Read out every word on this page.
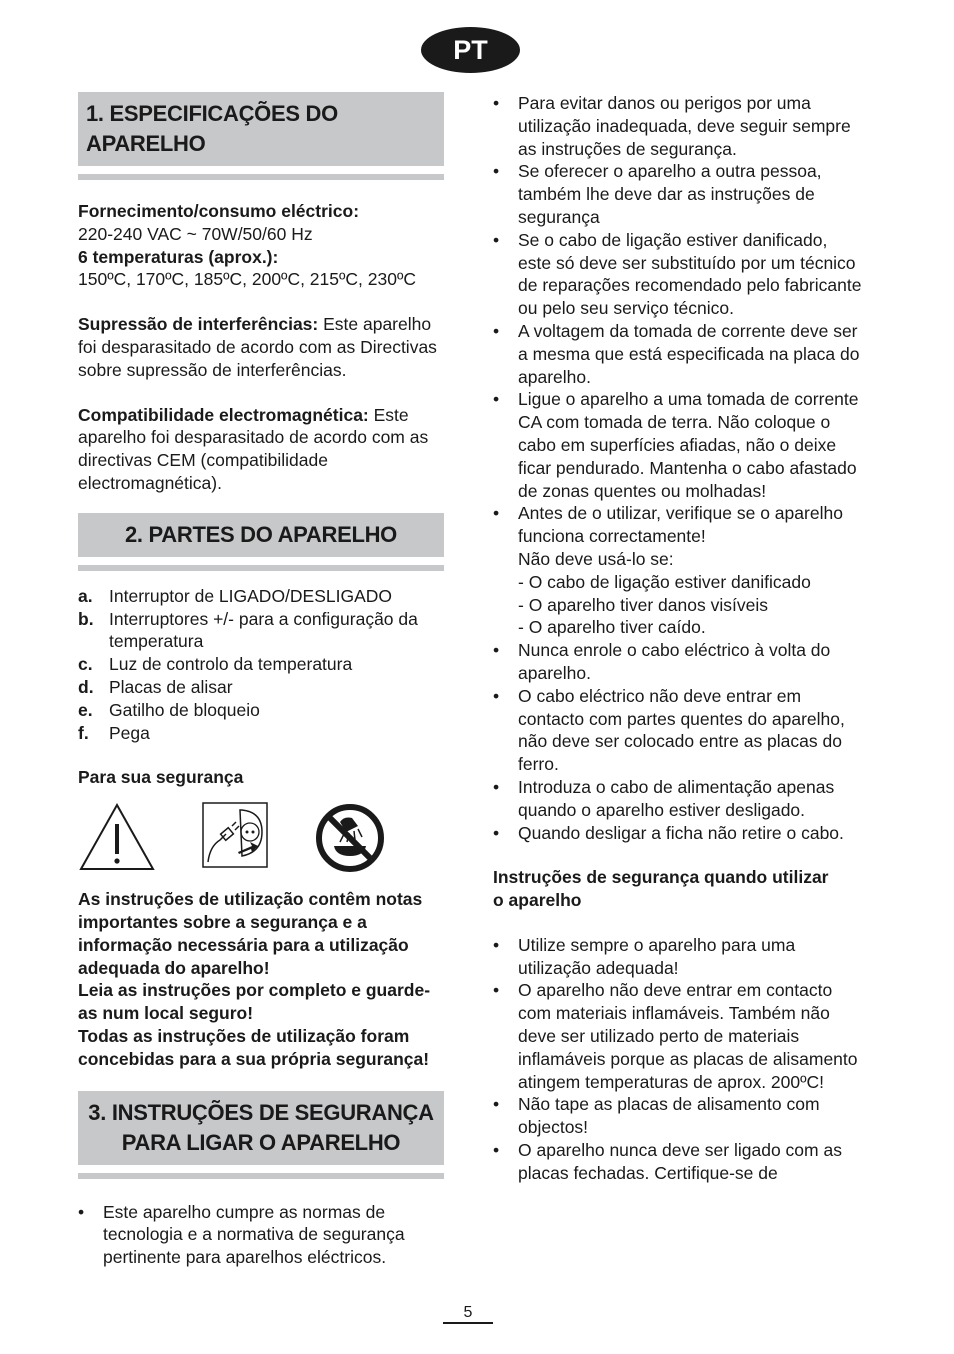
PT
1. ESPECIFICAÇÕES DO APARELHO

Fornecimento/consumo eléctrico:

220-240 VAC ~ 70W/50/60 Hz

6 temperaturas (aprox.):

150ºC, 170ºC, 185ºC, 200ºC, 215ºC, 230ºC

Supressão de interferências: Este aparelho foi desparasitado de acordo com as Directivas sobre supressão de interferências.

Compatibilidade electromagnética: Este aparelho foi desparasitado de acordo com as directivas CEM (compatibilidade electromagnética).

2. PARTES DO APARELHO
a. Interruptor de LIGADO/DESLIGADO
b. Interruptores +/- para a configuração da temperatura
c. Luz de controlo da temperatura
d. Placas de alisar
e. Gatilho de bloqueio
f. Pega

Para sua segurança

As instruções de utilização contêm notas importantes sobre a segurança e a informação necessária para a utilização adequada do aparelho!

Leia as instruções por completo e guarde-as num local seguro!

Todas as instruções de utilização foram concebidas para a sua própria segurança!

3. INSTRUÇÕES DE SEGURANÇA
PARA LIGAR O APARELHO
• Este aparelho cumpre as normas de tecnologia e a normativa de segurança pertinente para aparelhos eléctricos.
• Para evitar danos ou perigos por uma utilização inadequada, deve seguir sempre as instruções de segurança.
• Se oferecer o aparelho a outra pessoa, também lhe deve dar as instruções de segurança
• Se o cabo de ligação estiver danificado, este só deve ser substituído por um técnico de reparações recomendado pelo fabricante ou pelo seu serviço técnico.
• A voltagem da tomada de corrente deve ser a mesma que está especificada na placa do aparelho.
• Ligue o aparelho a uma tomada de corrente CA com tomada de terra. Não coloque o cabo em superfícies afiadas, não o deixe ficar pendurado. Mantenha o cabo afastado de zonas quentes ou molhadas!
• Antes de o utilizar, verifique se o aparelho funciona correctamente!
Não deve usá-lo se:
- O cabo de ligação estiver danificado
- O aparelho tiver danos visíveis
- O aparelho tiver caído.
• Nunca enrole o cabo eléctrico à volta do aparelho.
• O cabo eléctrico não deve entrar em contacto com partes quentes do aparelho, não deve ser colocado entre as placas do ferro.
• Introduza o cabo de alimentação apenas quando o aparelho estiver desligado.
• Quando desligar a ficha não retire o cabo.

Instruções de segurança quando utilizar
o aparelho

• Utilize sempre o aparelho para uma utilização adequada!
• O aparelho não deve entrar em contacto com materiais inflamáveis. Também não deve ser utilizado perto de materiais inflamáveis porque as placas de alisamento atingem temperaturas de aprox. 200ºC!
• Não tape as placas de alisamento com objectos!
• O aparelho nunca deve ser ligado com as placas fechadas. Certifique-se de
5
